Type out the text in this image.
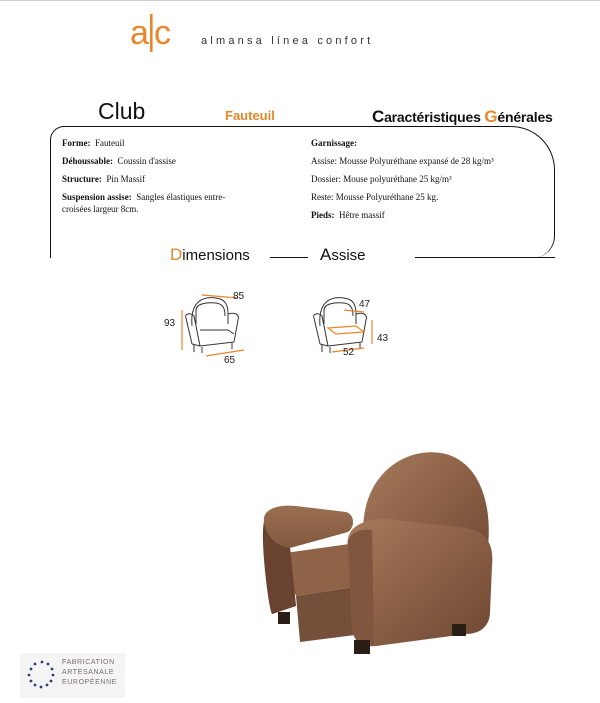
a c	almansa línea confort
Club	Fauteuil	Caractéristiques Générales
Forme: Fauteuil
Déhoussable: Coussin d'assise
Structure: Pin Massif
Suspension assise: Sangles élastiques entre-
croisées largeur 8cm.
Garnissage:
Assise: Mousse Polyuréthane expansé de 28 kg/m³
Dossier: Mouse polyuréthane 25 kg/m³
Reste: Mousse Polyuréthane 25 kg.
Pieds: Hêtre massif
Dimensions	Assise
93
85
65
47
43
52
FABRICATION
ARTESANALE
EUROPÉENNE
